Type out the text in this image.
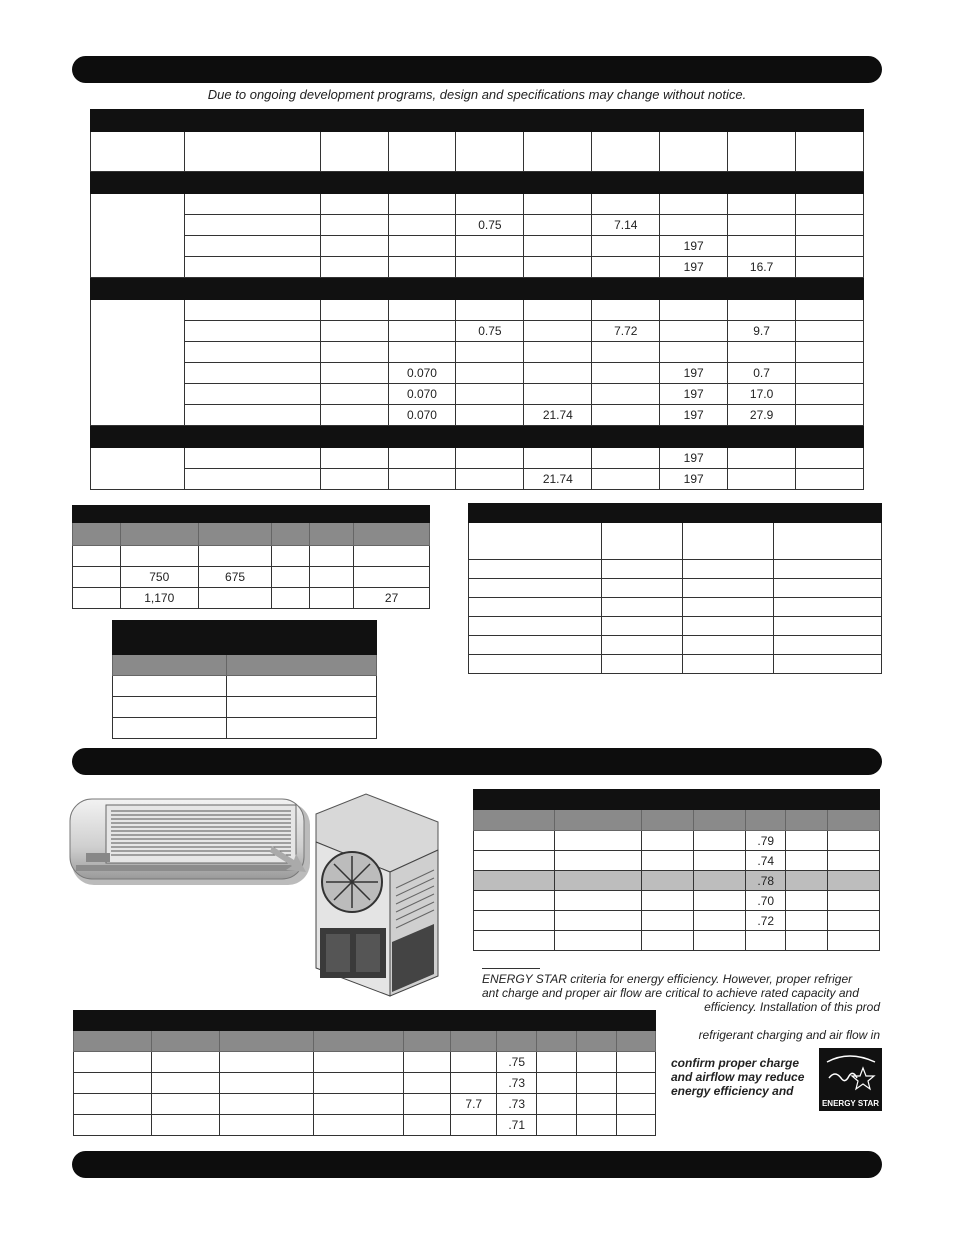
Due to ongoing development programs, design and specifications may change without notice.

				0.75		7.14			
							197		
							197	16.7	

				0.75		7.72		9.7	

			0.070				197	0.7	
			0.070				197	17.0	
			0.070		21.74		197	27.9	

							197		
					21.74		197		

	750	675			
	1,170				27

				.79		
				.74		
				.78		
				.70		
				.72		

ENERGY STAR criteria for energy efficiency. However, proper refriger
ant charge and proper air flow are critical to achieve rated capacity and
efficiency. Installation of this prod
refrigerant charging and air flow in
confirm proper charge
and airflow may reduce
energy efficiency and
ENERGY STAR

						.75			
						.73			
					7.7	.73			
						.71			
